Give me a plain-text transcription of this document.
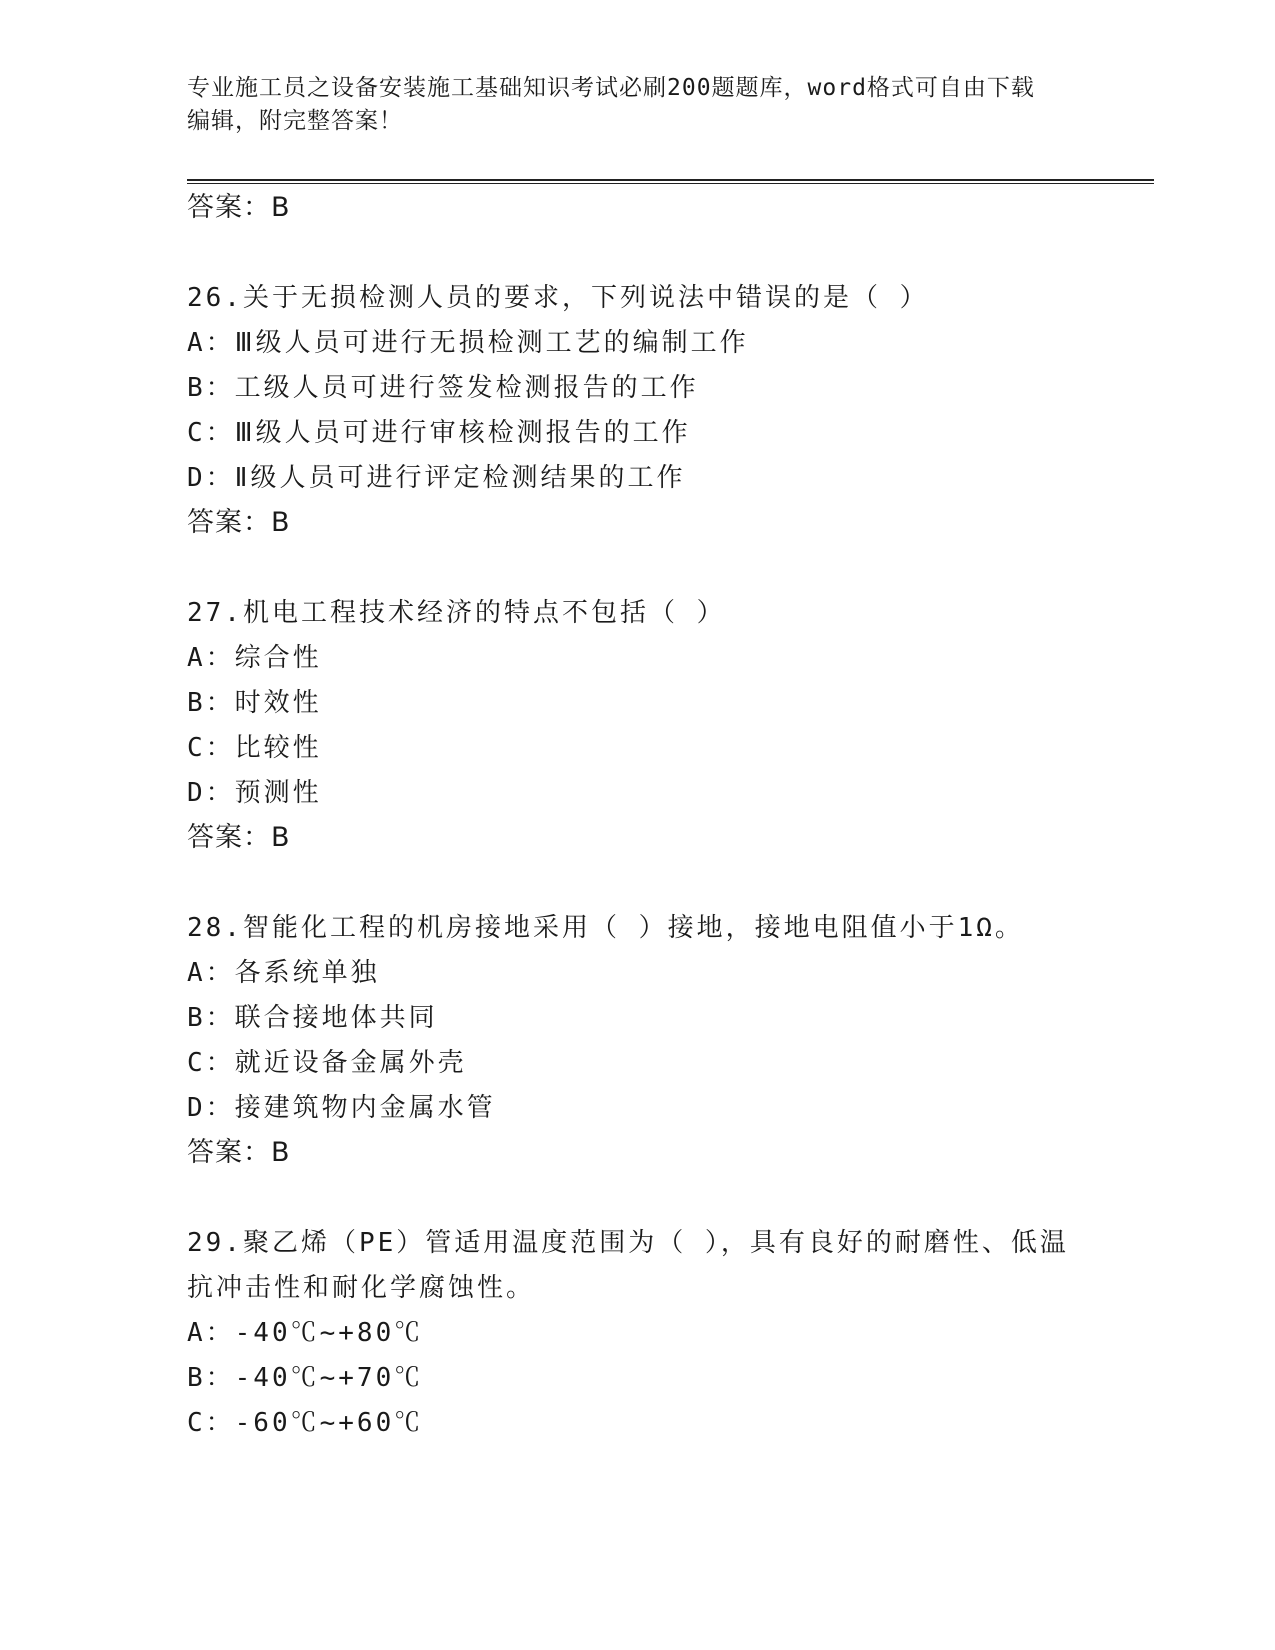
专业施工员之设备安装施工基础知识考试必刷200题题库，word格式可自由下载
编辑，附完整答案！
答案：B
26.关于无损检测人员的要求，下列说法中错误的是（ ）
A：Ⅲ级人员可进行无损检测工艺的编制工作
B：工级人员可进行签发检测报告的工作
C：Ⅲ级人员可进行审核检测报告的工作
D：Ⅱ级人员可进行评定检测结果的工作
答案：B
27.机电工程技术经济的特点不包括（ ）
A：综合性
B：时效性
C：比较性
D：预测性
答案：B
28.智能化工程的机房接地采用（ ）接地，接地电阻值小于1Ω。
A：各系统单独
B：联合接地体共同
C：就近设备金属外壳
D：接建筑物内金属水管
答案：B
29.聚乙烯（PE）管适用温度范围为（ ），具有良好的耐磨性、低温
抗冲击性和耐化学腐蚀性。
A：-40℃~+80℃
B：-40℃~+70℃
C：-60℃~+60℃
